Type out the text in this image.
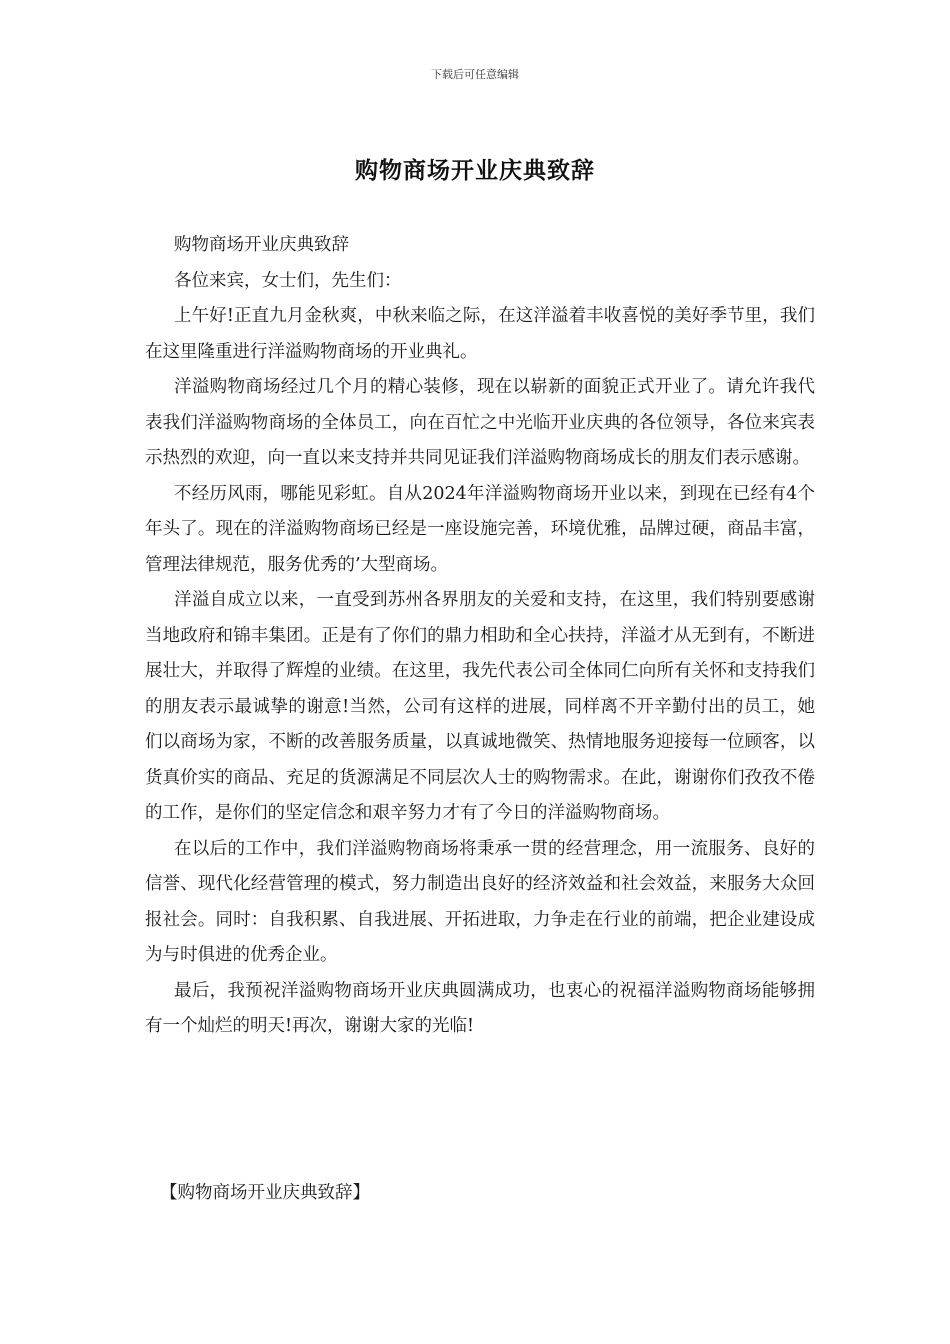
下载后可任意编辑
购物商场开业庆典致辞

购物商场开业庆典致辞

各位来宾，女士们，先生们：

上午好!正直九月金秋爽，中秋来临之际，在这洋溢着丰收喜悦的美好季节里，我们在这里隆重进行洋溢购物商场的开业典礼。

洋溢购物商场经过几个月的精心装修，现在以崭新的面貌正式开业了。请允许我代表我们洋溢购物商场的全体员工，向在百忙之中光临开业庆典的各位领导，各位来宾表示热烈的欢迎，向一直以来支持并共同见证我们洋溢购物商场成长的朋友们表示感谢。

不经历风雨，哪能见彩虹。自从2024年洋溢购物商场开业以来，到现在已经有4个年头了。现在的洋溢购物商场已经是一座设施完善，环境优雅，品牌过硬，商品丰富，管理法律规范，服务优秀的’大型商场。

洋溢自成立以来，一直受到苏州各界朋友的关爱和支持，在这里，我们特别要感谢当地政府和锦丰集团。正是有了你们的鼎力相助和全心扶持，洋溢才从无到有，不断进展壮大，并取得了辉煌的业绩。在这里，我先代表公司全体同仁向所有关怀和支持我们的朋友表示最诚挚的谢意!当然，公司有这样的进展，同样离不开辛勤付出的员工，她们以商场为家，不断的改善服务质量，以真诚地微笑、热情地服务迎接每一位顾客，以货真价实的商品、充足的货源满足不同层次人士的购物需求。在此，谢谢你们孜孜不倦的工作，是你们的坚定信念和艰辛努力才有了今日的洋溢购物商场。

在以后的工作中，我们洋溢购物商场将秉承一贯的经营理念，用一流服务、良好的信誉、现代化经营管理的模式，努力制造出良好的经济效益和社会效益，来服务大众回报社会。同时：自我积累、自我进展、开拓进取，力争走在行业的前端，把企业建设成为与时俱进的优秀企业。

最后，我预祝洋溢购物商场开业庆典圆满成功，也衷心的祝福洋溢购物商场能够拥有一个灿烂的明天!再次，谢谢大家的光临!

【购物商场开业庆典致辞】
